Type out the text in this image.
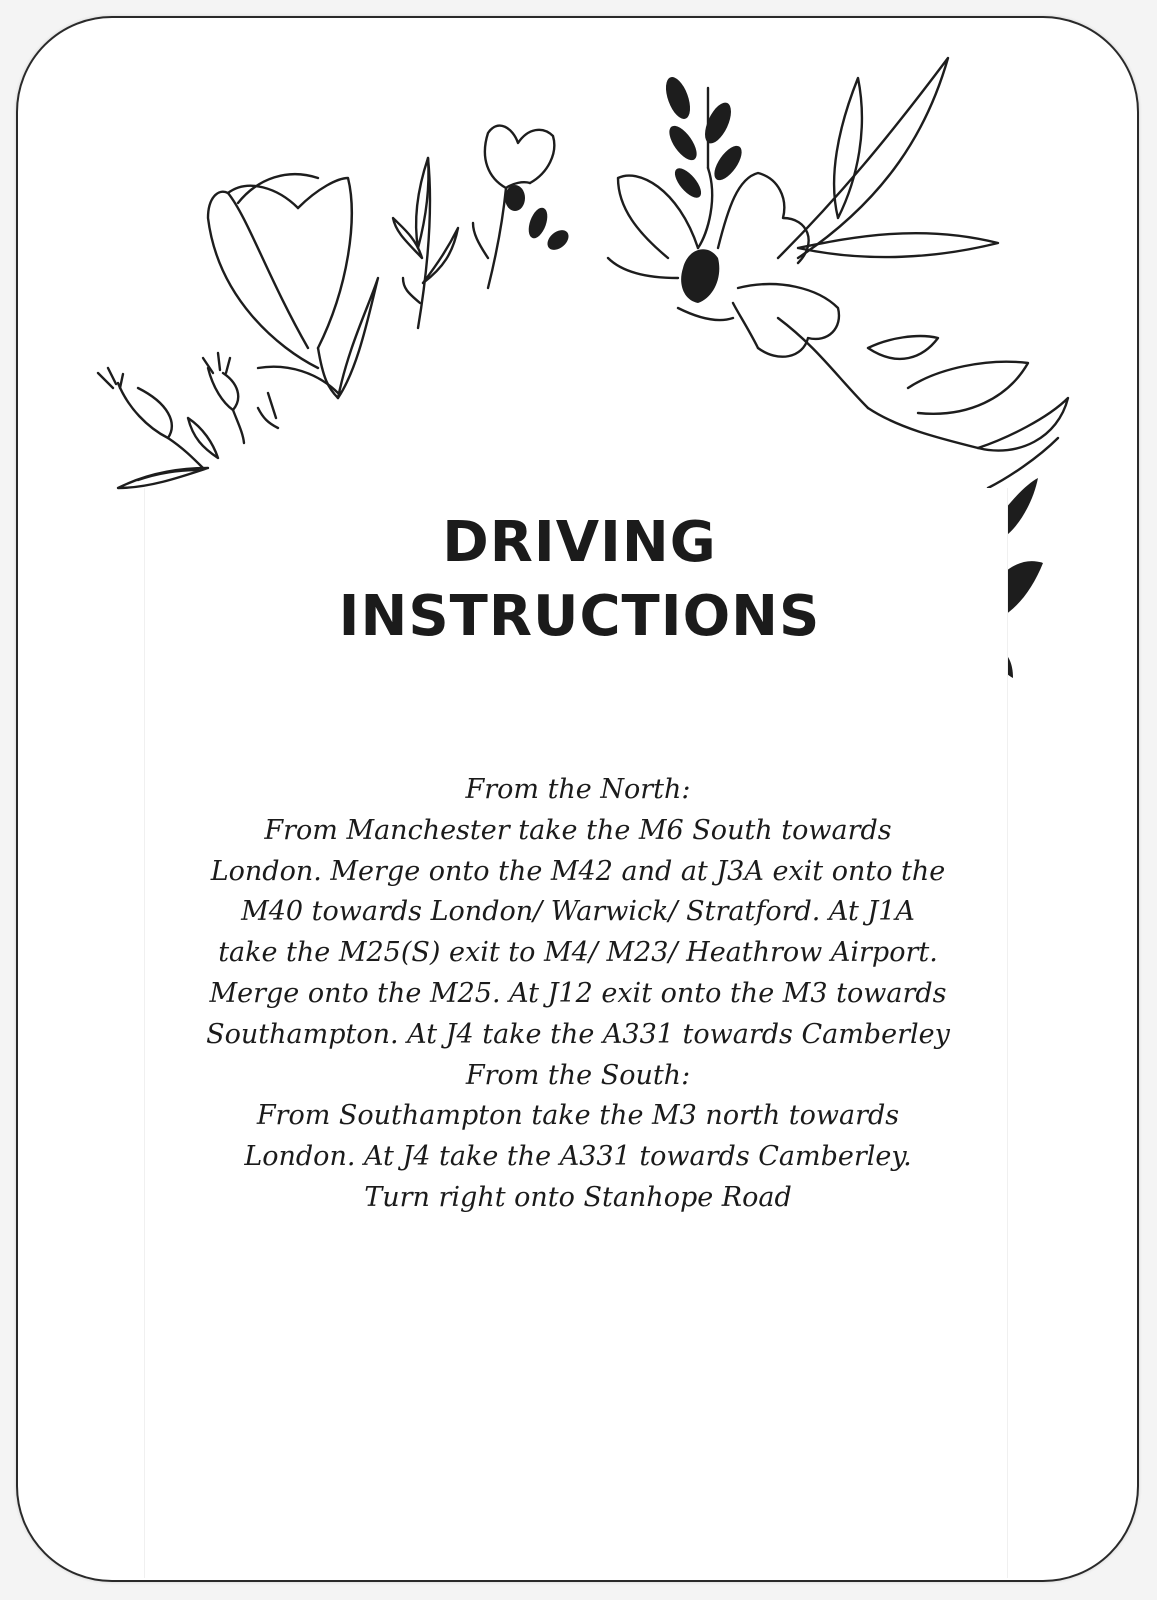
DRIVING
INSTRUCTIONS
From the North:
From Manchester take the M6 South towards
London. Merge onto the M42 and at J3A exit onto the
M40 towards London/ Warwick/ Stratford. At J1A
take the M25(S) exit to M4/ M23/ Heathrow Airport.
Merge onto the M25. At J12 exit onto the M3 towards
Southampton. At J4 take the A331 towards Camberley
From the South:
From Southampton take the M3 north towards
London. At J4 take the A331 towards Camberley.
Turn right onto Stanhope Road
